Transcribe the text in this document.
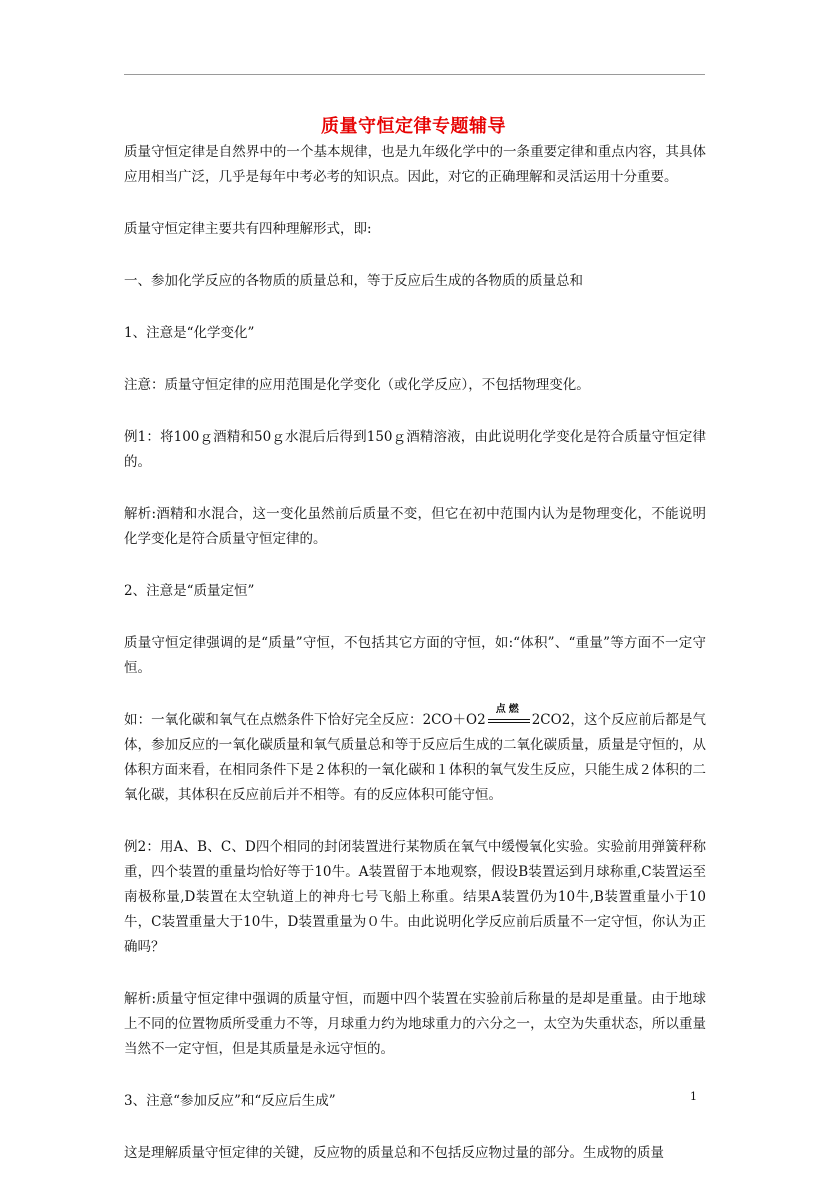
质量守恒定律专题辅导

质量守恒定律是自然界中的一个基本规律，也是九年级化学中的一条重要定律和重点内容，其具体应用相当广泛，几乎是每年中考必考的知识点。因此，对它的正确理解和灵活运用十分重要。

质量守恒定律主要共有四种理解形式，即:

一、参加化学反应的各物质的质量总和，等于反应后生成的各物质的质量总和

1、注意是“化学变化”

注意：质量守恒定律的应用范围是化学变化（或化学反应），不包括物理变化。

例1：将100ｇ酒精和50ｇ水混后后得到150ｇ酒精溶液，由此说明化学变化是符合质量守恒定律的。

解析:酒精和水混合，这一变化虽然前后质量不变，但它在初中范围内认为是物理变化，不能说明化学变化是符合质量守恒定律的。

2、注意是“质量定恒”

质量守恒定律强调的是“质量”守恒，不包括其它方面的守恒，如:“体积”、“重量”等方面不一定守恒。

如：一氧化碳和氧气在点燃条件下恰好完全反应：2CO＋O2
点燃
2CO2，这个反应前后都是气体，参加反应的一氧化碳质量和氧气质量总和等于反应后生成的二氧化碳质量，质量是守恒的，从体积方面来看，在相同条件下是２体积的一氧化碳和１体积的氧气发生反应，只能生成２体积的二氧化碳，其体积在反应前后并不相等。有的反应体积可能守恒。

例2：用A、B、C、D四个相同的封闭装置进行某物质在氧气中缓慢氧化实验。实验前用弹簧秤称重，四个装置的重量均恰好等于10牛。A装置留于本地观察，假设B装置运到月球称重,C装置运至南极称量,D装置在太空轨道上的神舟七号飞船上称重。结果A装置仍为10牛,B装置重量小于10牛，C装置重量大于10牛，D装置重量为０牛。由此说明化学反应前后质量不一定守恒，你认为正确吗？

解析:质量守恒定律中强调的质量守恒，而题中四个装置在实验前后称量的是却是重量。由于地球上不同的位置物质所受重力不等，月球重力约为地球重力的六分之一，太空为失重状态，所以重量当然不一定守恒，但是其质量是永远守恒的。

3、注意“参加反应”和“反应后生成”

这是理解质量守恒定律的关键，反应物的质量总和不包括反应物过量的部分。生成物的质量

1
